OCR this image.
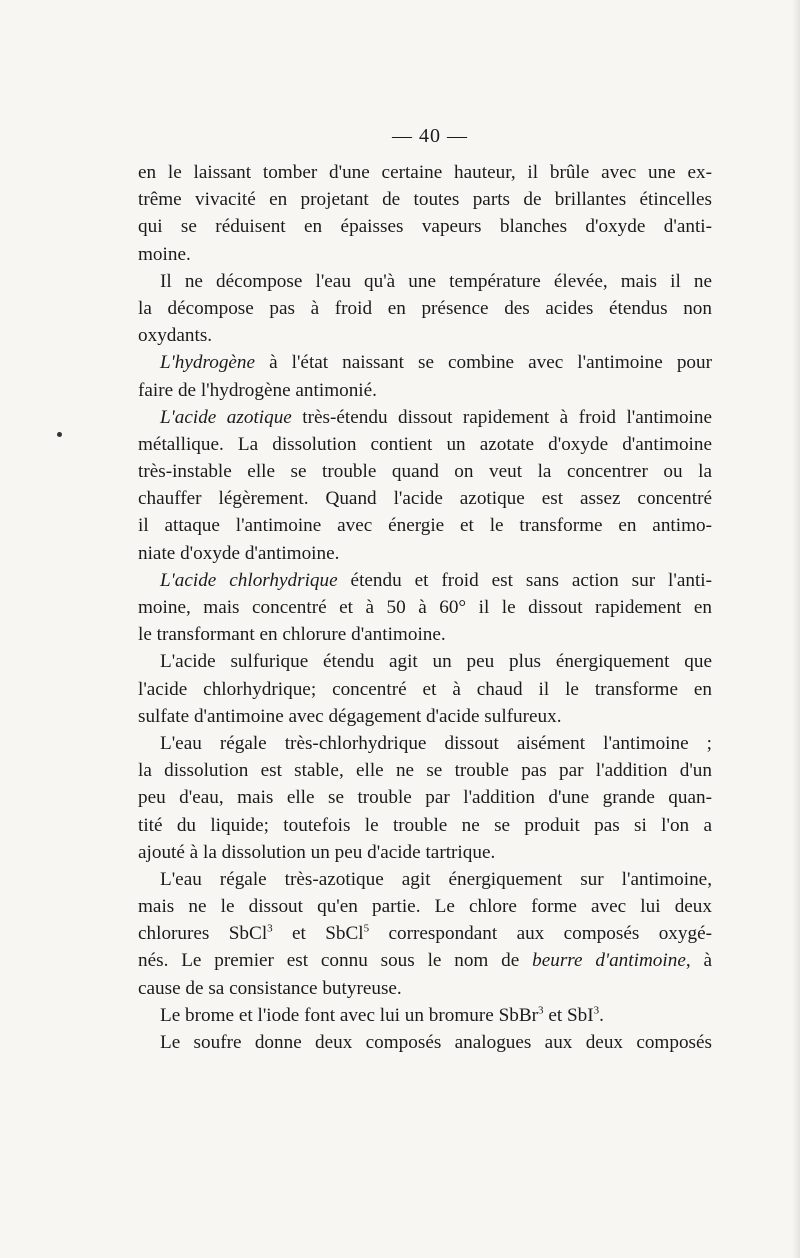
— 40 —
en le laissant tomber d'une certaine hauteur, il brûle avec une ex-
trême vivacité en projetant de toutes parts de brillantes étincelles
qui se réduisent en épaisses vapeurs blanches d'oxyde d'anti-
moine.
Il ne décompose l'eau qu'à une température élevée, mais il ne
la décompose pas à froid en présence des acides étendus non
oxydants.
L'hydrogène à l'état naissant se combine avec l'antimoine pour
faire de l'hydrogène antimonié.
L'acide azotique très-étendu dissout rapidement à froid l'antimoine
métallique. La dissolution contient un azotate d'oxyde d'antimoine
très-instable elle se trouble quand on veut la concentrer ou la
chauffer légèrement. Quand l'acide azotique est assez concentré
il attaque l'antimoine avec énergie et le transforme en antimo-
niate d'oxyde d'antimoine.
L'acide chlorhydrique étendu et froid est sans action sur l'anti-
moine, mais concentré et à 50 à 60° il le dissout rapidement en
le transformant en chlorure d'antimoine.
L'acide sulfurique étendu agit un peu plus énergiquement que
l'acide chlorhydrique; concentré et à chaud il le transforme en
sulfate d'antimoine avec dégagement d'acide sulfureux.
L'eau régale très-chlorhydrique dissout aisément l'antimoine ;
la dissolution est stable, elle ne se trouble pas par l'addition d'un
peu d'eau, mais elle se trouble par l'addition d'une grande quan-
tité du liquide; toutefois le trouble ne se produit pas si l'on a
ajouté à la dissolution un peu d'acide tartrique.
L'eau régale très-azotique agit énergiquement sur l'antimoine,
mais ne le dissout qu'en partie. Le chlore forme avec lui deux
chlorures SbCl$^3$ et SbCl$^5$ correspondant aux composés oxygé-
nés. Le premier est connu sous le nom de beurre d'antimoine, à
cause de sa consistance butyreuse.
Le brome et l'iode font avec lui un bromure SbBr$^3$ et SbI$^3$.
Le soufre donne deux composés analogues aux deux composés
